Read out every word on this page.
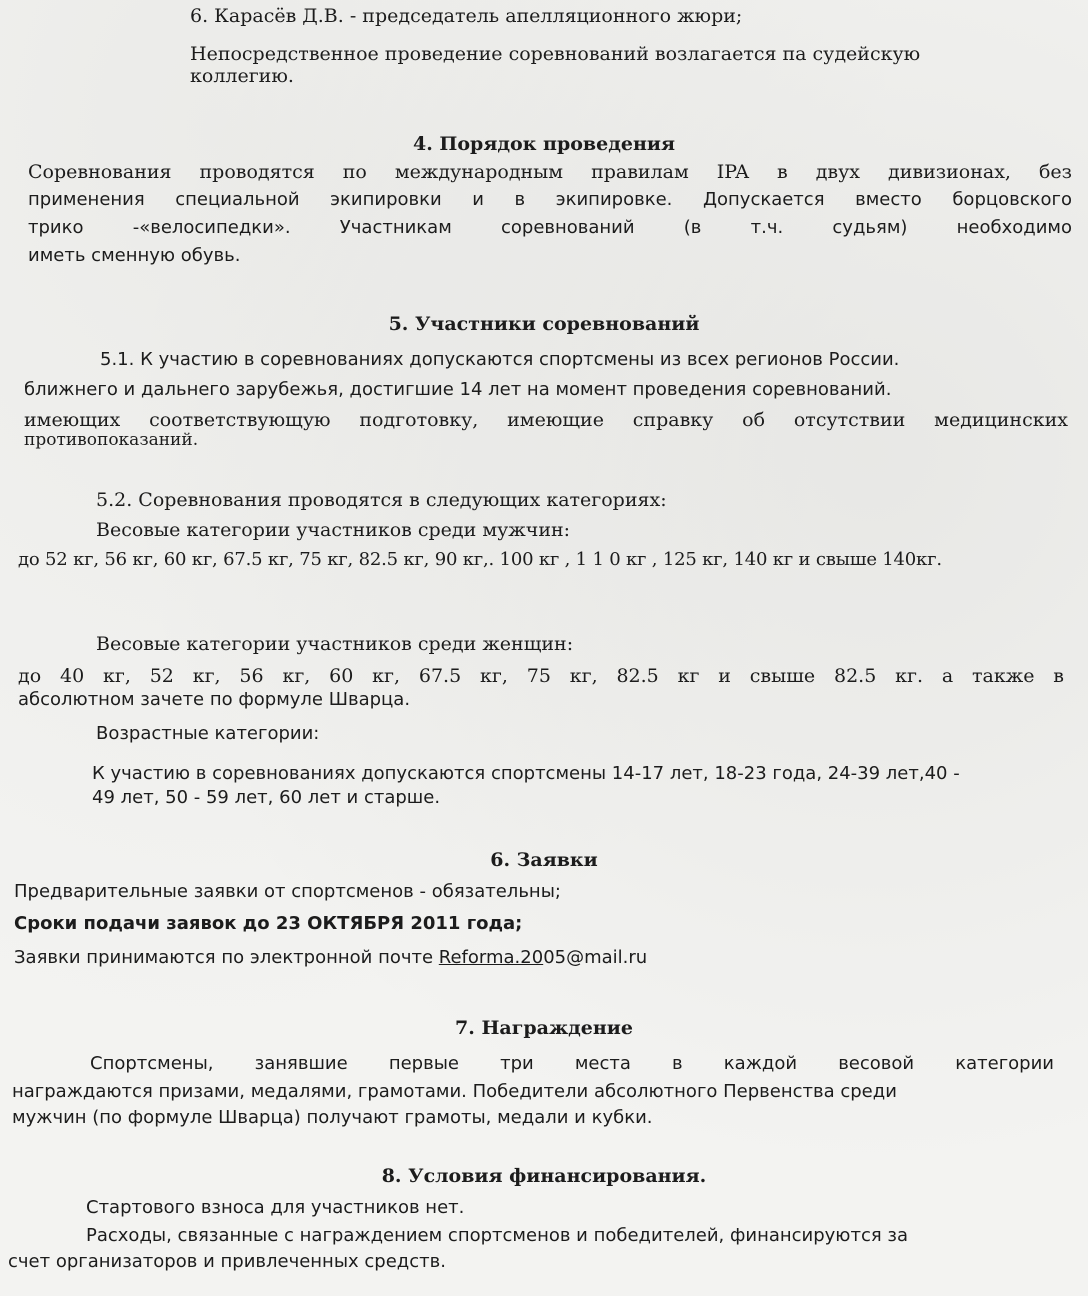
6. Карасёв Д.В. - председатель апелляционного жюри;
Непосредственное проведение соревнований возлагается па судейскую
коллегию.
4. Порядок проведения
Соревнования проводятся по международным правилам IPA в двух дивизионах, без
применения специальной экипировки и в экипировке. Допускается вместо борцовского
трико -«велосипедки». Участникам соревнований (в т.ч. судьям) необходимо
иметь сменную обувь.
5. Участники соревнований
5.1. К участию в соревнованиях допускаются спортсмены из всех регионов России.
ближнего и дальнего зарубежья, достигшие 14 лет на момент проведения соревнований.
имеющих соответствующую подготовку, имеющие справку об отсутствии медицинских
противопоказаний.
5.2. Соревнования проводятся в следующих категориях:
Весовые категории участников среди мужчин:
до 52 кг, 56 кг, 60 кг, 67.5 кг, 75 кг, 82.5 кг, 90 кг,. 100 кг , 1 1 0 кг , 125 кг, 140 кг и свыше 140кг.
Весовые категории участников среди женщин:
до 40 кг, 52 кг, 56 кг, 60 кг, 67.5 кг, 75 кг, 82.5 кг и свыше 82.5 кг. а также в
абсолютном зачете по формуле Шварца.
Возрастные категории:
К участию в соревнованиях допускаются спортсмены 14-17 лет, 18-23 года, 24-39 лет,40 -
49 лет, 50 - 59 лет, 60 лет и старше.
6. Заявки
Предварительные заявки от спортсменов - обязательны;
Сроки подачи заявок до 23 ОКТЯБРЯ 2011 года;
Заявки принимаются по электронной почте Reforma.2005@mail.ru
7. Награждение
Спортсмены, занявшие первые три места в каждой весовой категории
награждаются призами, медалями, грамотами. Победители абсолютного Первенства среди
мужчин (по формуле Шварца) получают грамоты, медали и кубки.
8. Условия финансирования.
Стартового взноса для участников нет.
Расходы, связанные с награждением спортсменов и победителей, финансируются за
счет организаторов и привлеченных средств.
